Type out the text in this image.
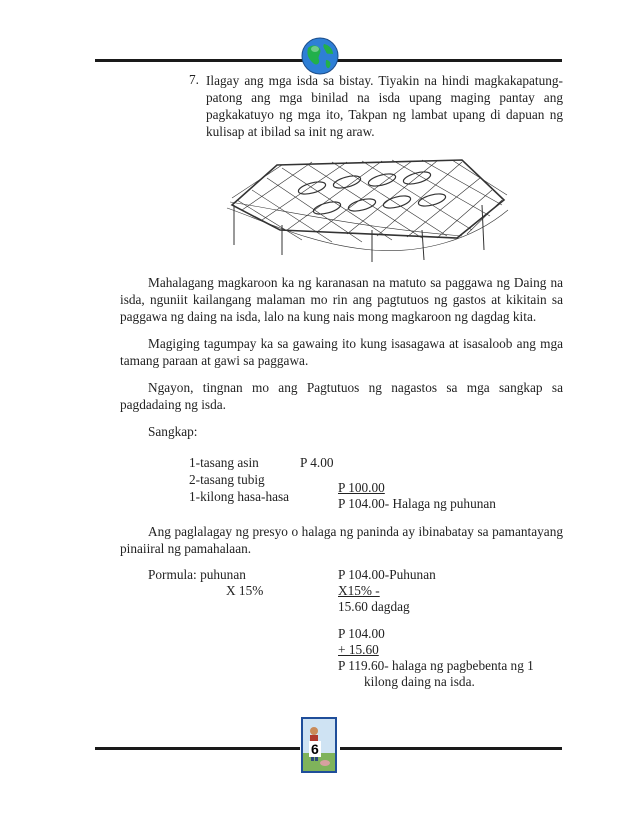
7. Ilagay ang mga isda sa bistay. Tiyakin na hindi magkakapatung-patong ang mga binilad na isda upang maging pantay ang pagkakatuyo ng mga ito, Takpan ng lambat upang di dapuan ng kulisap at ibilad sa init ng araw.
Mahalagang magkaroon ka ng karanasan na matuto sa paggawa ng Daing na isda, nguniit kailangang malaman mo rin ang pagtutuos ng gastos at kikitain sa paggawa ng daing na isda, lalo na kung nais mong magkaroon ng dagdag kita.
Magiging tagumpay ka sa gawaing ito kung isasagawa at isasaloob ang mga tamang paraan at gawi sa paggawa.
Ngayon, tingnan mo ang Pagtutuos ng nagastos sa mga sangkap sa pagdadaing ng isda.
Sangkap:
1-tasang asin	P 4.00
2-tasang tubig
1-kilong hasa-hasa
P 100.00
P 104.00- Halaga ng puhunan
Ang paglalagay ng presyo o halaga ng paninda ay ibinabatay sa pamantayang pinaiiral ng pamahalaan.
Pormula: puhunan
X 15%
P 104.00-Puhunan
X15% -
15.60 dagdag
P 104.00
+ 15.60
P 119.60- halaga ng pagbebenta ng 1
kilong daing na isda.
6
